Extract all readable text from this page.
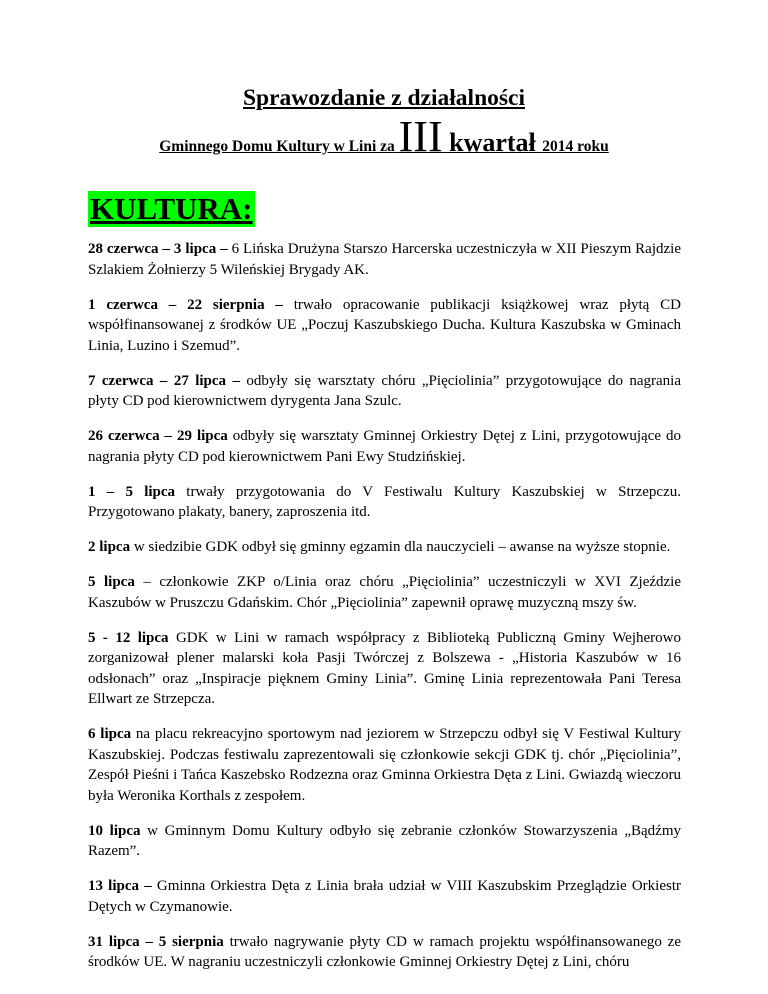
Sprawozdanie z działalności
Gminnego Domu Kultury w Lini za III kwartał 2014 roku
KULTURA:

28 czerwca – 3 lipca – 6 Lińska Drużyna Starszo Harcerska uczestniczyła w XII Pieszym Rajdzie Szlakiem Żołnierzy 5 Wileńskiej Brygady AK.

1 czerwca – 22 sierpnia – trwało opracowanie publikacji książkowej wraz płytą CD współfinansowanej z środków UE „Poczuj Kaszubskiego Ducha. Kultura Kaszubska w Gminach Linia, Luzino i Szemud”.

7 czerwca – 27 lipca – odbyły się warsztaty chóru „Pięciolinia” przygotowujące do nagrania płyty CD pod kierownictwem dyrygenta Jana Szulc.

26 czerwca – 29 lipca odbyły się warsztaty Gminnej Orkiestry Dętej z Lini, przygotowujące do nagrania płyty CD pod kierownictwem Pani Ewy Studzińskiej.

1 – 5 lipca trwały przygotowania do V Festiwalu Kultury Kaszubskiej w Strzepczu. Przygotowano plakaty, banery, zaproszenia itd.

2 lipca w siedzibie GDK odbył się gminny egzamin dla nauczycieli – awanse na wyższe stopnie.

5 lipca – członkowie ZKP o/Linia oraz chóru „Pięciolinia” uczestniczyli w XVI Zjeździe Kaszubów w Pruszczu Gdańskim. Chór „Pięciolinia” zapewnił oprawę muzyczną mszy św.

5 - 12 lipca GDK w Lini w ramach współpracy z Biblioteką Publiczną Gminy Wejherowo zorganizował plener malarski koła Pasji Twórczej z Bolszewa - „Historia Kaszubów w 16 odsłonach” oraz „Inspiracje pięknem Gminy Linia”. Gminę Linia reprezentowała Pani Teresa Ellwart ze Strzepcza.

6 lipca na placu rekreacyjno sportowym nad jeziorem w Strzepczu odbył się V Festiwal Kultury Kaszubskiej. Podczas festiwalu zaprezentowali się członkowie sekcji GDK tj. chór „Pięciolinia”, Zespół Pieśni i Tańca Kaszebsko Rodzezna oraz Gminna Orkiestra Dęta z Lini. Gwiazdą wieczoru była Weronika Korthals z zespołem.

10 lipca w Gminnym Domu Kultury odbyło się zebranie członków Stowarzyszenia „Bądźmy Razem”.

13 lipca – Gminna Orkiestra Dęta z Linia brała udział w VIII Kaszubskim Przeglądzie Orkiestr Dętych w Czymanowie.

31 lipca – 5 sierpnia trwało nagrywanie płyty CD w ramach projektu współfinansowanego ze środków UE. W nagraniu uczestniczyli członkowie Gminnej Orkiestry Dętej z Lini, chóru
